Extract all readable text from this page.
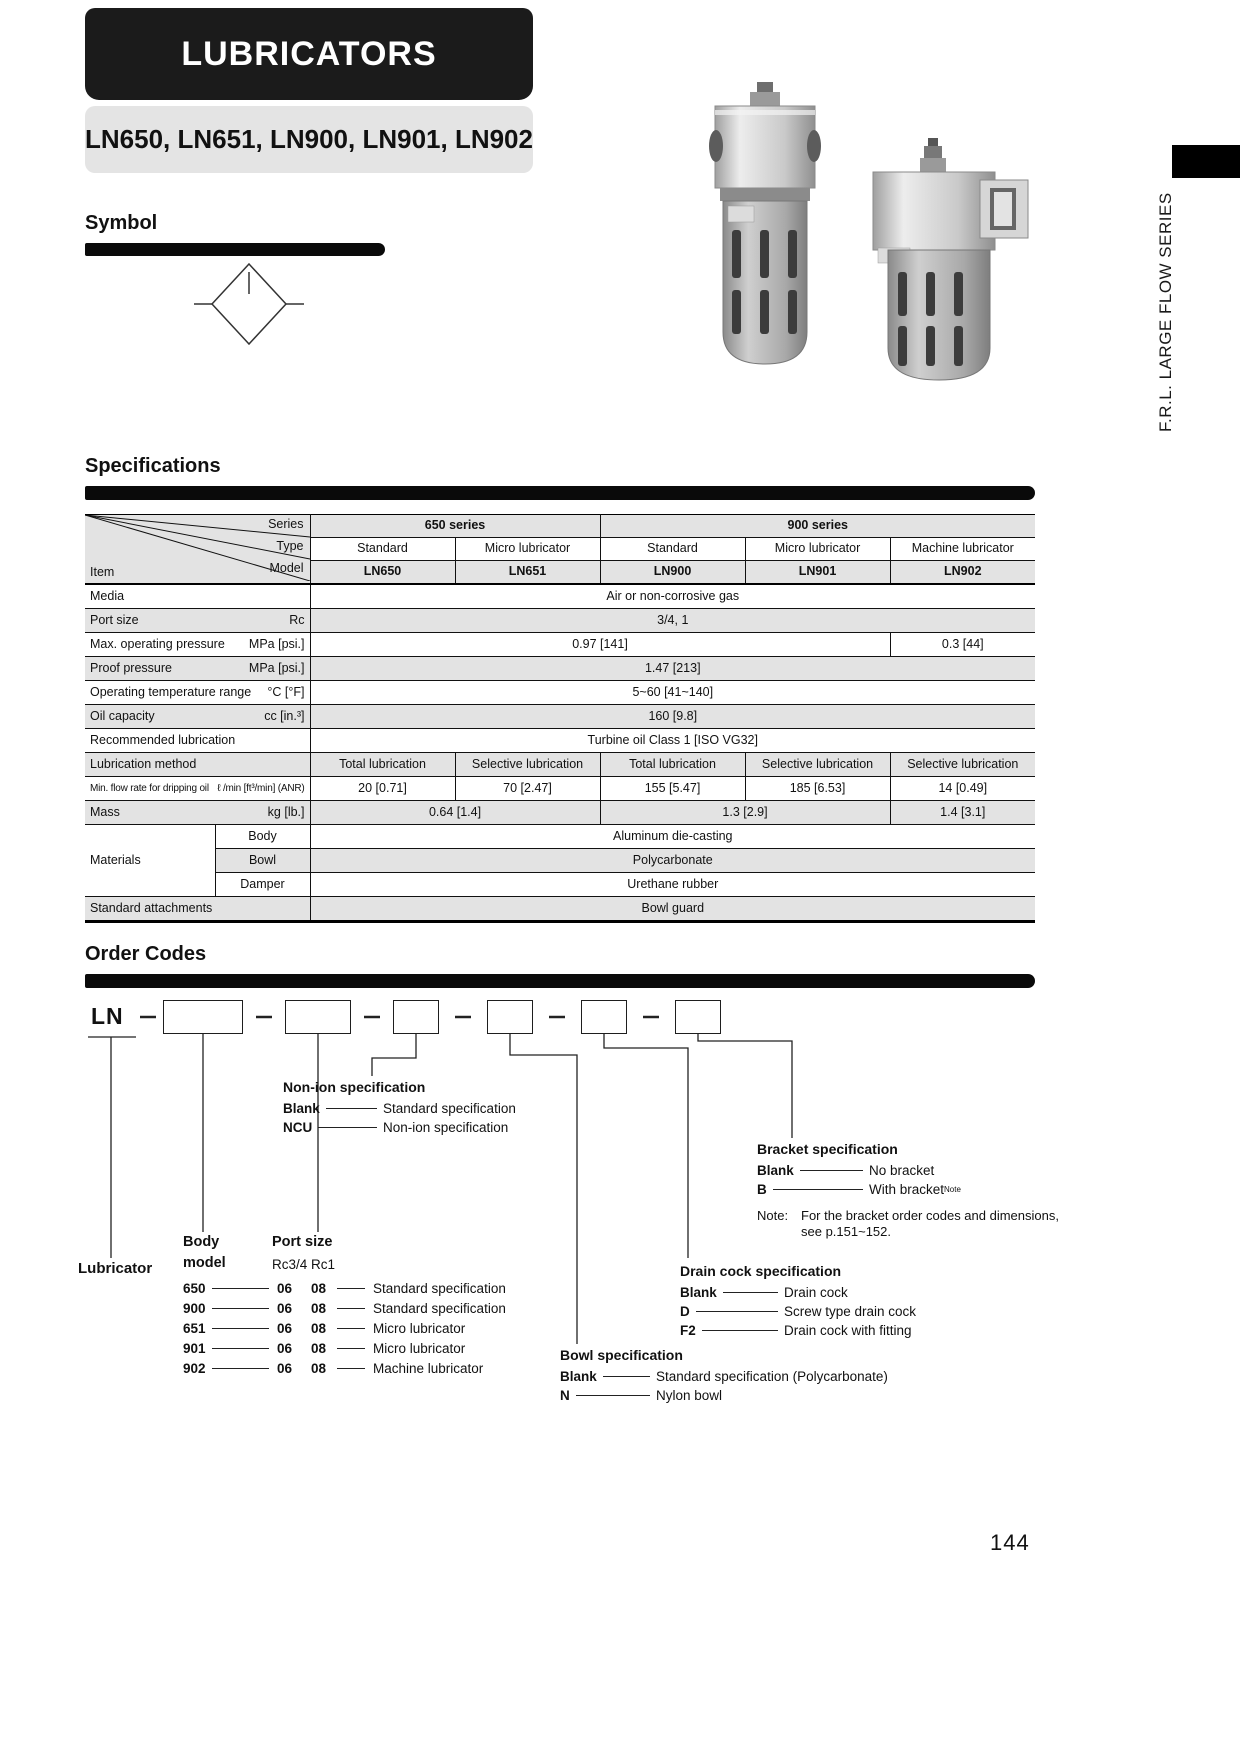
LUBRICATORS
LN650, LN651, LN900, LN901, LN902
F.R.L. LARGE FLOW SERIES
Symbol
Specifications
Series
Type
Model
Item		650 series		900 series		
		Standard	Micro lubricator	Standard	Micro lubricator	Machine lubricator
		LN650	LN651	LN900	LN901	LN902
Media		Air or non-corrosive gas				

Port size Rc		3/4, 1				

Max. operating pressure MPa [psi.]		0.97 [141]				0.3 [44]

Proof pressure MPa [psi.]		1.47 [213]				

Operating temperature range °C [°F]		5~60 [41~140]				

Oil capacity cc [in.³]		160 [9.8]				
Recommended lubrication		Turbine oil Class 1 [ISO VG32]				
Lubrication method		Total lubrication	Selective lubrication	Total lubrication	Selective lubrication	Selective lubrication

Min. flow rate for dripping oil ℓ /min [ft³/min] (ANR)		20 [0.71]	70 [2.47]	155 [5.47]	185 [6.53]	14 [0.49]

Mass kg [lb.]		0.64 [1.4]		1.3 [2.9]		1.4 [3.1]
Materials	Body	Aluminum die-casting				
	Bowl	Polycarbonate				
	Damper	Urethane rubber				
Standard attachments		Bowl guard				
Order Codes
LN
Non-ion specification
Blank	Standard specification
NCU	Non-ion specification
Bracket specification
Blank	No bracket
B	With bracket Note
Note: For the bracket order codes and dimensions,
see p.151~152.
Lubricator
Body
model
Port size
Rc3/4 Rc1
650	06	08	Standard specification
900	06	08	Standard specification
651	06	08	Micro lubricator
901	06	08	Micro lubricator
902	06	08	Machine lubricator
Drain cock specification
Blank	Drain cock
D	Screw type drain cock
F2	Drain cock with fitting
Bowl specification
Blank	Standard specification (Polycarbonate)
N	Nylon bowl
144
